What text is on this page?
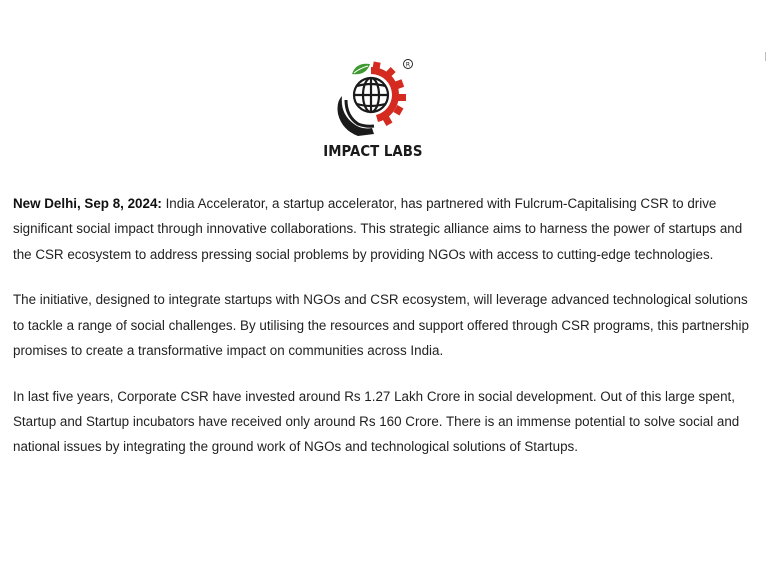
R
IMPACT LABS

New Delhi, Sep 8, 2024: India Accelerator, a startup accelerator, has partnered with Fulcrum-Capitalising CSR to drive significant social impact through innovative collaborations. This strategic alliance aims to harness the power of startups and the CSR ecosystem to address pressing social problems by providing NGOs with access to cutting-edge technologies.

The initiative, designed to integrate startups with NGOs and CSR ecosystem, will leverage advanced technological solutions to tackle a range of social challenges. By utilising the resources and support offered through CSR programs, this partnership promises to create a transformative impact on communities across India.

In last five years, Corporate CSR have invested around Rs 1.27 Lakh Crore in social development. Out of this large spent, Startup and Startup incubators have received only around Rs 160 Crore. There is an immense potential to solve social and national issues by integrating the ground work of NGOs and technological solutions of Startups.
